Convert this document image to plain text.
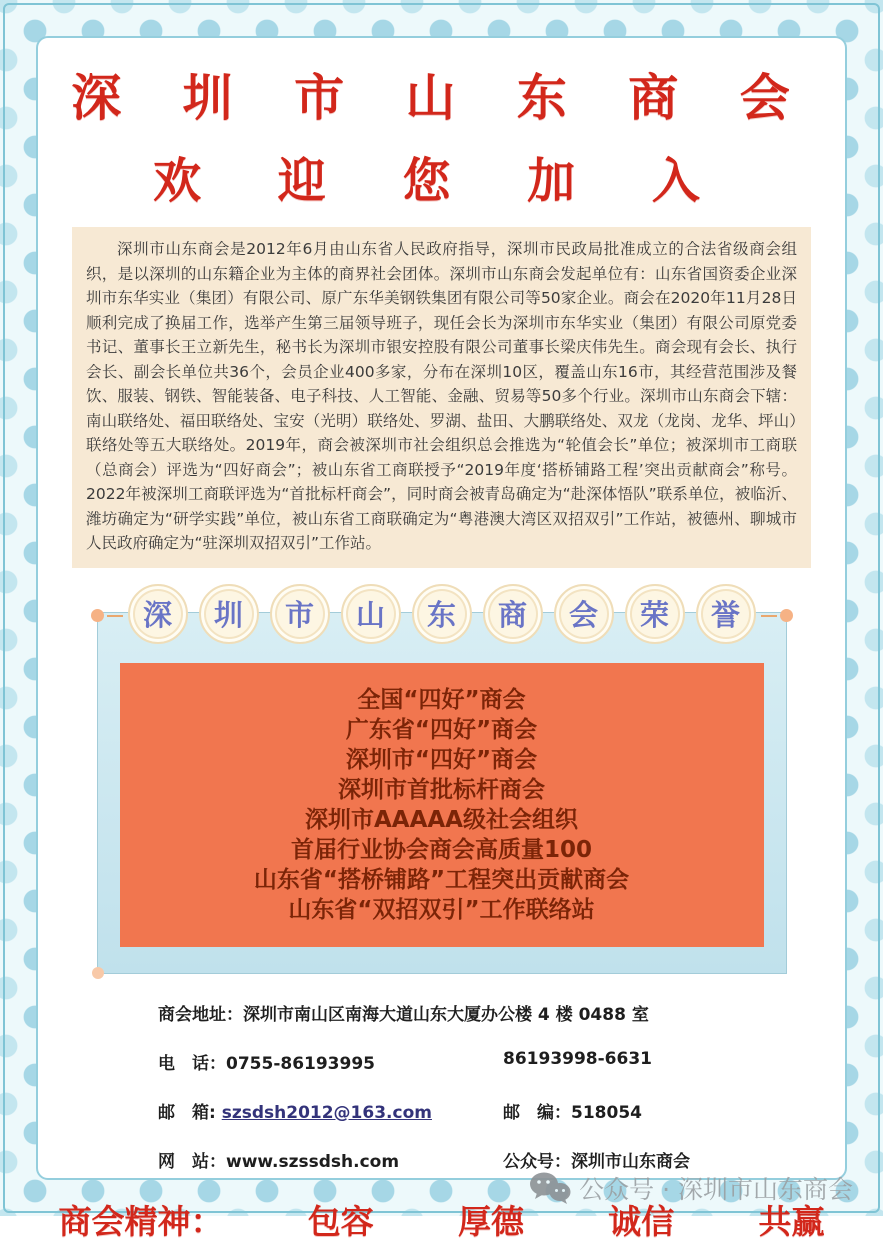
深 圳 市 山 东 商 会
欢 迎 您 加 入
深圳市山东商会是2012年6月由山东省人民政府指导，深圳市民政局批准成立的合法省级商会组织，是以深圳的山东籍企业为主体的商界社会团体。深圳市山东商会发起单位有：山东省国资委企业深圳市东华实业（集团）有限公司、原广东华美钢铁集团有限公司等50家企业。商会在2020年11月28日顺利完成了换届工作，选举产生第三届领导班子，现任会长为深圳市东华实业（集团）有限公司原党委书记、董事长王立新先生，秘书长为深圳市银安控股有限公司董事长梁庆伟先生。商会现有会长、执行会长、副会长单位共36个，会员企业400多家，分布在深圳10区，覆盖山东16市，其经营范围涉及餐饮、服装、钢铁、智能装备、电子科技、人工智能、金融、贸易等50多个行业。深圳市山东商会下辖：南山联络处、福田联络处、宝安（光明）联络处、罗湖、盐田、大鹏联络处、双龙（龙岗、龙华、坪山）联络处等五大联络处。2019年，商会被深圳市社会组织总会推选为“轮值会长”单位；被深圳市工商联（总商会）评选为“四好商会”；被山东省工商联授予“2019年度‘搭桥铺路工程’突出贡献商会”称号。2022年被深圳工商联评选为“首批标杆商会”，同时商会被青岛确定为“赴深体悟队”联系单位，被临沂、潍坊确定为“研学实践”单位，被山东省工商联确定为“粤港澳大湾区双招双引”工作站，被德州、聊城市人民政府确定为“驻深圳双招双引”工作站。
深 圳 市 山 东 商 会 荣 誉
全国“四好”商会
广东省“四好”商会
深圳市“四好”商会
深圳市首批标杆商会
深圳市AAAAA级社会组织
首届行业协会商会高质量100
山东省“搭桥铺路”工程突出贡献商会
山东省“双招双引”工作联络站
商会地址： 深圳市南山区南海大道山东大厦办公楼 4 楼 0488 室
电　话：0755-86193995	86193998-6631
邮　箱: szsdsh2012@163.com	邮　编：518054
网　站：www.szssdsh.com	公众号：深圳市山东商会
商会精神：	包容	厚德	诚信	共赢
公众号 · 深圳市山东商会
